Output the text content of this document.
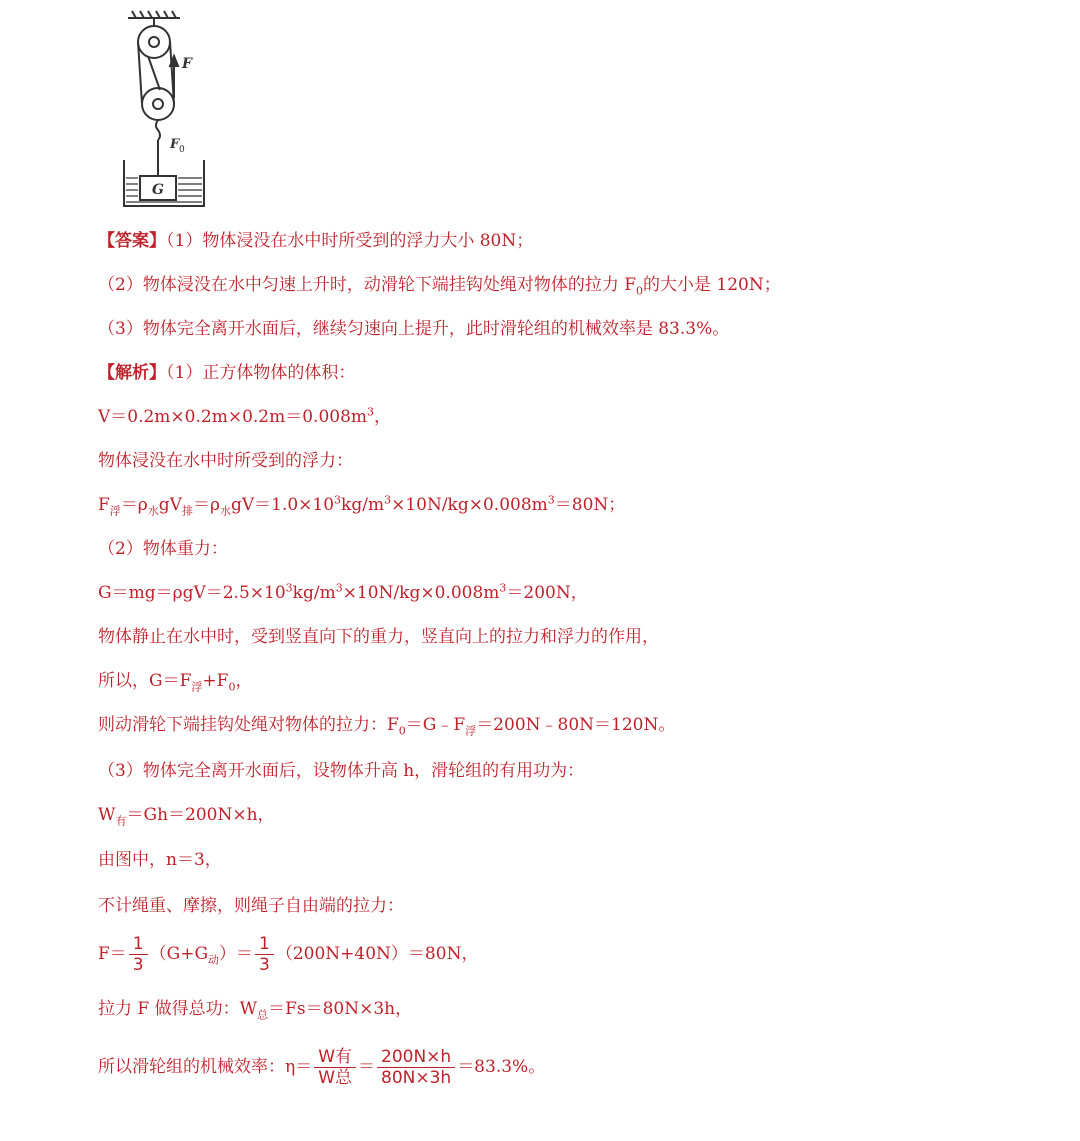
F
F 0
G
【答案】（1）物体浸没在水中时所受到的浮力大小 80N；
（2）物体浸没在水中匀速上升时，动滑轮下端挂钩处绳对物体的拉力 $F_0$的大小是 120N；
（3）物体完全离开水面后，继续匀速向上提升，此时滑轮组的机械效率是 83.3%。
【解析】（1）正方体物体的体积：
$V=0.2m\times 0.2m\times 0.2m=0.008m^3$，
物体浸没在水中时所受到的浮力：
$F_浮=\rho_水gV_排=\rho_水gV=1.0\times 10^3kg/m^3\times 10N/kg\times 0.008m^3=80N$；
（2）物体重力：
$G=mg=\rho gV=2.5\times 10^3kg/m^3\times 10N/kg\times 0.008m^3=200N$，
物体静止在水中时，受到竖直向下的重力，竖直向上的拉力和浮力的作用，
所以，$G=F_浮+F_0$，
则动滑轮下端挂钩处绳对物体的拉力：$F_0=G﹣F_浮=200N﹣80N=120N$。
（3）物体完全离开水面后，设物体升高 h，滑轮组的有用功为：
$W_有=Gh=200N\times h$，
由图中，n＝3，
不计绳重、摩擦，则绳子自由端的拉力：
$F= \frac{1}{3} (G+G_动)= \frac{1}{3} (200N+40N)=80N$，
拉力 F 做得总功：$W_总=Fs=80N\times 3h$，
所以滑轮组的机械效率：$\eta= \frac{\text{W有}}{\text{W总}} = \frac{200N\times h}{80N\times 3h} =83.3\%$。
